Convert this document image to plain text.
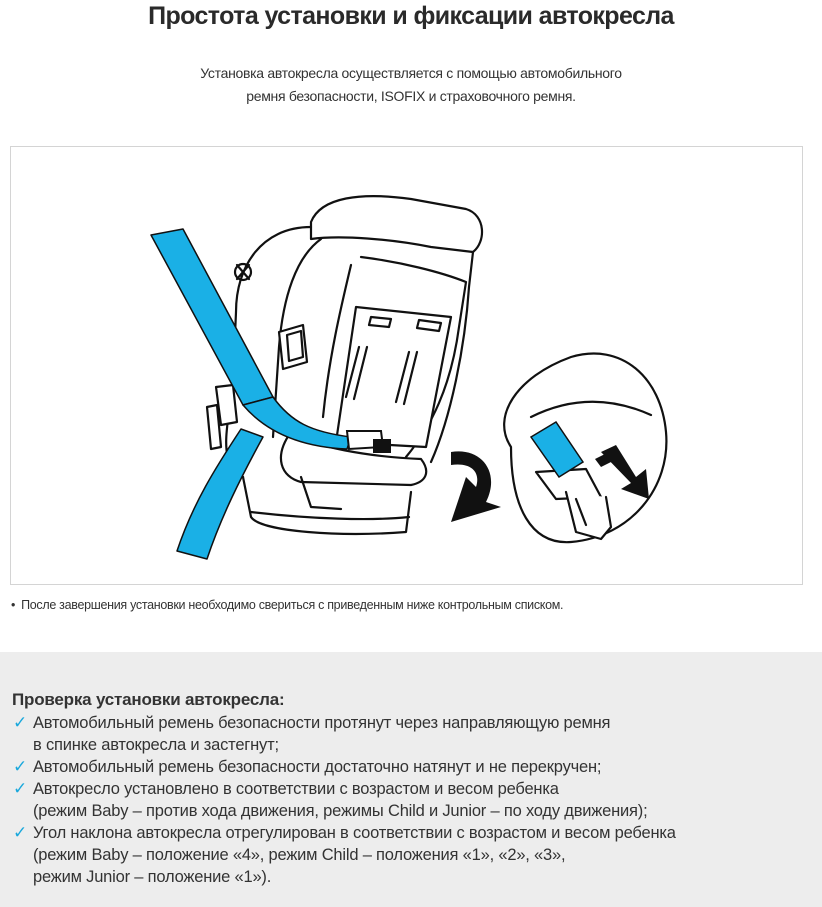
Простота установки и фиксации автокресла
Установка автокресла осуществляется с помощью автомобильного
ремня безопасности, ISOFIX и страховочного ремня.
• После завершения установки необходимо свериться с приведенным ниже контрольным списком.
Проверка установки автокресла:
✓ Автомобильный ремень безопасности протянут через направляющую ремня
в спинке автокресла и застегнут;
✓ Автомобильный ремень безопасности достаточно натянут и не перекручен;
✓ Автокресло установлено в соответствии с возрастом и весом ребенка
(режим Baby – против хода движения, режимы Child и Junior – по ходу движения);
✓ Угол наклона автокресла отрегулирован в соответствии с возрастом и весом ребенка
(режим Baby – положение «4», режим Child – положения «1», «2», «3»,
режим Junior – положение «1»).
